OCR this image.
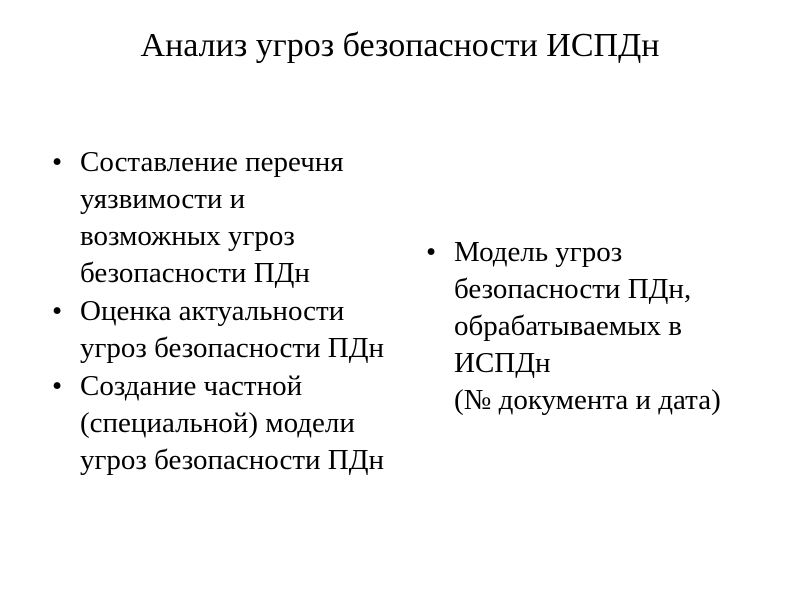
Анализ угроз безопасности ИСПДн
• Составление перечня
уязвимости и
возможных угроз
безопасности ПДн
• Оценка актуальности
угроз безопасности ПДн
• Создание частной
(специальной) модели
угроз безопасности ПДн
• Модель угроз
безопасности ПДн,
обрабатываемых в
ИСПДн
(№ документа и дата)
